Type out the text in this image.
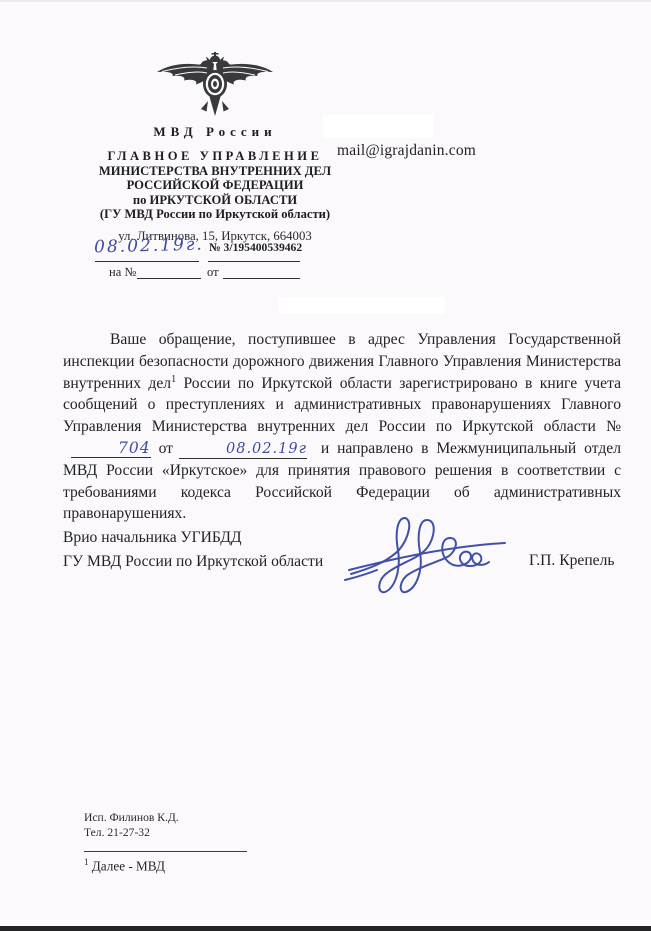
МВД России
ГЛАВНОЕ УПРАВЛЕНИЕ
МИНИСТЕРСТВА ВНУТРЕННИХ ДЕЛ
РОССИЙСКОЙ ФЕДЕРАЦИИ
по ИРКУТСКОЙ ОБЛАСТИ
(ГУ МВД России по Иркутской области)
ул. Литвинова, 15, Иркутск, 664003
08.02.19г. № 3/195400539462
на №	от
mail@igrajdanin.com

Ваше обращение, поступившее в адрес Управления Государственной инспекции безопасности дорожного движения Главного Управления Министерства внутренних дел$^1$ России по Иркутской области зарегистрировано в книге учета сообщений о преступлениях и административных правонарушениях Главного Управления Министерства внутренних дел России по Иркутской области №704 от	08.02.19г и направлено в Межмуниципальный отдел МВД России «Иркутское» для принятия правового решения в соответствии с требованиями кодекса Российской Федерации об административных правонарушениях.

Врио начальника УГИБДД
ГУ МВД России по Иркутской области	Г.П. Крепель
Исп. Филинов К.Д.
Тел. 21-27-32
$^1$ Далее - МВД
